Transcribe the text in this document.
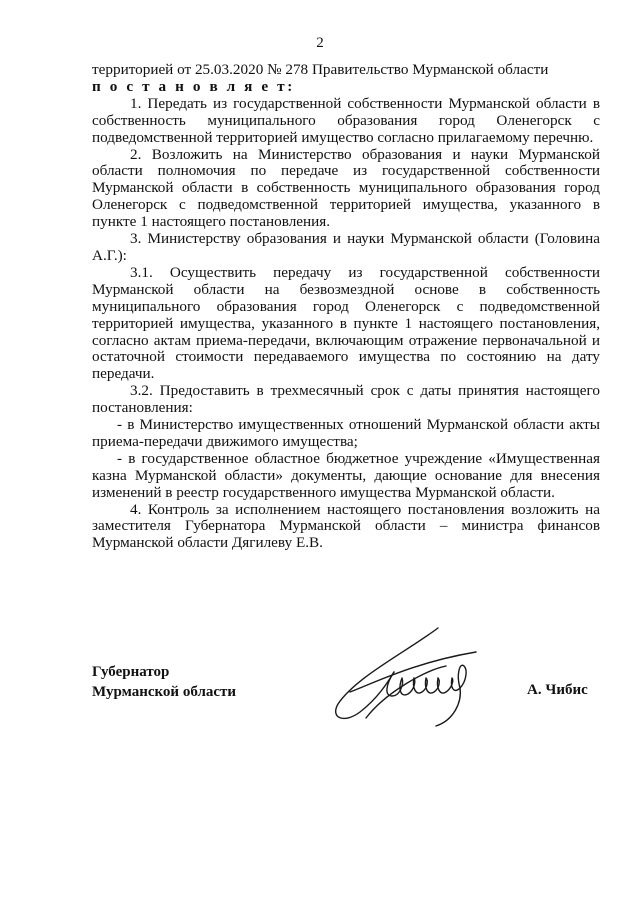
2

территорией от 25.03.2020 № 278 Правительство Мурманской области

п о с т а н о в л я е т:

1. Передать из государственной собственности Мурманской области в собственность муниципального образования город Оленегорск с подведомственной территорией имущество согласно прилагаемому перечню.

2. Возложить на Министерство образования и науки Мурманской области полномочия по передаче из государственной собственности Мурманской области в собственность муниципального образования город Оленегорск с подведомственной территорией имущества, указанного в пункте 1 настоящего постановления.

3. Министерству образования и науки Мурманской области (Головина А.Г.):

3.1. Осуществить передачу из государственной собственности Мурманской области на безвозмездной основе в собственность муниципального образования город Оленегорск с подведомственной территорией имущества, указанного в пункте 1 настоящего постановления, согласно актам приема-передачи, включающим отражение первоначальной и остаточной стоимости передаваемого имущества по состоянию на дату передачи.

3.2. Предоставить в трехмесячный срок с даты принятия настоящего постановления:

- в Министерство имущественных отношений Мурманской области акты приема-передачи движимого имущества;

- в государственное областное бюджетное учреждение «Имущественная казна Мурманской области» документы, дающие основание для внесения изменений в реестр государственного имущества Мурманской области.

4. Контроль за исполнением настоящего постановления возложить на заместителя Губернатора Мурманской области – министра финансов Мурманской области Дягилеву Е.В.

Губернатор
Мурманской области	А. Чибис
